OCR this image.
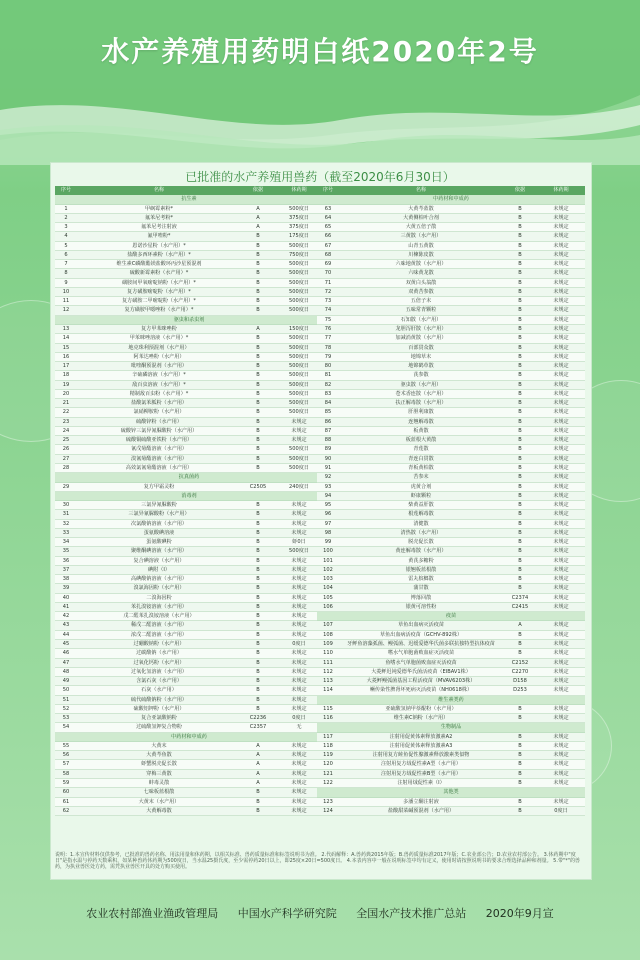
水产养殖用药明白纸2020年2号
已批准的水产养殖用兽药（截至2020年6月30日）
序号	名称	依据	休药期
抗生素
1	甲砜霉素粉*	A	500度日
2	氟苯尼考粉*	A	375度日
3	氟苯尼考注射液	A	375度日
4	氟甲喹粉*	B	175度日
5	恩诺沙星粉（水产用）*	B	500度日
6	盐酸多西环素粉（水产用）*	B	750度日
7	维生素C磷酸酯镁盐酸环丙沙星预混剂	B	500度日
8	硫酸新霉素粉（水产用）*	B	500度日
9	磺胺间甲氧嘧啶钠粉（水产用）*	B	500度日
10	复方磺胺嘧啶粉（水产用）*	B	500度日
11	复方磺胺二甲嘧啶粉（水产用）*	B	500度日
12	复方磺胺甲噁唑粉（水产用）*	B	500度日
驱虫和杀虫剂
13	复方甲苯咪唑粉	A	150度日
14	甲苯咪唑溶液（水产用）*	B	500度日
15	地克珠利预混剂（水产用）	B	500度日
16	阿苯达唑粉（水产用）	B	500度日
17	吡喹酮预混剂（水产用）	B	500度日
18	辛硫磷溶液（水产用）*	B	500度日
19	敌百虫溶液（水产用）*	B	500度日
20	精制敌百虫粉（水产用）*	B	500度日
21	盐酸氯苯胍粉（水产用）	B	500度日
22	氯硝柳胺粉（水产用）	B	500度日
23	硫酸锌粉（水产用）	B	未规定
24	硫酸锌三氯异氰脲酸粉（水产用）	B	未规定
25	硫酸铜硫酸亚铁粉（水产用）	B	未规定
26	氰戊菊酯溶液（水产用）	B	500度日
27	溴氰菊酯溶液（水产用）	B	500度日
28	高效氯氰菊酯溶液（水产用）	B	500度日
抗真菌药
29	复方甲霜灵粉	C2505	240度日
消毒剂
30	三氯异氰脲酸粉	B	未规定
31	三氯异氰脲酸粉（水产用）	B	未规定
32	次氯酸钠溶液（水产用）	B	未规定
33	蛋氨酸碘溶液	B	未规定
34	蛋氨酸碘粉	B	虾0日
35	聚维酮碘溶液（水产用）	B	500度日
36	复合碘溶液（水产用）	B	未规定
37	碘附（Ⅰ）	B	未规定
38	高碘酸钠溶液（水产用）	B	未规定
39	溴氯海因粉（水产用）	B	未规定
40	二溴海因粉	B	未规定
41	苯扎溴铵溶液（水产用）	B	未规定
42	戊二醛苯扎溴铵溶液（水产用）	B	未规定
43	稀戊二醛溶液（水产用）	B	未规定
44	浓戊二醛溶液（水产用）	B	未规定
45	过硼酸钠粉（水产用）	B	0度日
46	过碳酸钠（水产用）	B	未规定
47	过氧化钙粉（水产用）	B	未规定
48	过氧化氢溶液（水产用）	B	未规定
49	含氯石灰（水产用）	B	未规定
50	石灰（水产用）	B	未规定
51	硫代硫酸钠粉（水产用）	B	未规定
52	硫酸铝钾粉（水产用）	B	未规定
53	复合亚氯酸钠粉	C2236	0度日
54	过硫酸氢钾复合物粉	C2357	无
中药材和中成药
55	大黄末	A	未规定
56	大黄芩鱼散	A	未规定
57	虾蟹脱壳促长散	A	未规定
58	穿梅三黄散	A	未规定
59	蚌毒灵散	A	未规定
60	七味板蓝根散	B	未规定
61	大黄末（水产用）	B	未规定
62	大黄解毒散	B	未规定
序号	名称	依据	休药期
中药材和中成药
63	大黄芩蓝散	B	未规定
64	大黄侧柏叶合剂	B	未规定
65	大黄五倍子散	B	未规定
66	三黄散（水产用）	B	未规定
67	山青五黄散	B	未规定
68	川楝陈皮散	B	未规定
69	六味地黄散（水产用）	B	未规定
70	六味黄龙散	B	未规定
71	双黄白头翁散	B	未规定
72	双黄苦参散	B	未规定
73	五倍子末	B	未规定
74	五味常青颗粒	B	未规定
75	石知散（水产用）	B	未规定
76	龙胆泻肝散（水产用）	B	未规定
77	加减消黄散（水产用）	B	未规定
78	百部贯众散	B	未规定
79	地锦草末	B	未规定
80	地锦鹤草散	B	未规定
81	芪参散	B	未规定
82	驱虫散（水产用）	B	未规定
83	苍术香连散（水产用）	B	未规定
84	扶正解毒散（水产用）	B	未规定
85	肝胆利康散	B	未规定
86	连翘解毒散	B	未规定
87	板黄散	B	未规定
88	板蓝根大黄散	B	未规定
89	青莲散	B	未规定
90	青连白贯散	B	未规定
91	青板黄柏散	B	未规定
92	苦参末	B	未规定
93	虎黄合剂	B	未规定
94	虾康颗粒	B	未规定
95	柴黄益肝散	B	未规定
96	根莲解毒散	B	未规定
97	清健散	B	未规定
98	清热散（水产用）	B	未规定
99	脱壳促长散	B	未规定
100	黄连解毒散（水产用）	B	未规定
101	黄芪多糖粉	B	未规定
102	银翘板蓝根散	B	未规定
103	雷丸槟榔散	B	未规定
104	蒲甘散	B	未规定
105	博落回散	C2374	未规定
106	银黄可溶性粉	C2415	未规定
疫苗
107	草鱼出血病灭活疫苗	A	未规定
108	草鱼出血病活疫苗（GCHV-892株）	B	未规定
109	牙鲆鱼溶藻弧菌、鳗弧菌、迟缓爱德华氏菌多联抗独特型抗体疫苗	B	未规定
110	嗜水气单胞菌败血症灭活疫苗	B	未规定
111	鱼嗜水气单胞菌败血症灭活疫苗	C2152	未规定
112	大菱鲆迟钝爱德华氏菌活疫苗（EIBAV1株）	C2270	未规定
113	大菱鲆鳗弧菌基因工程活疫苗（MVAV6203株）	D158	未规定
114	鳜传染性脾肾坏死病灭活疫苗（NH0618株）	D253	未规定
维生素类药
115	亚硫酸氢钠甲萘醌粉（水产用）	B	未规定
116	维生素C钠粉（水产用）	B	未规定
生物制品
117	注射用促黄体素释放激素A2	B	未规定
118	注射用促黄体素释放激素A3	B	未规定
119	注射用复方鲑鱼促性腺激素释放激素类似物	B	未规定
120	注射用复方绒促性素A型（水产用）	B	未规定
121	注射用复方绒促性素B型（水产用）	B	未规定
122	注射用绒促性素（Ⅰ）	B	未规定
其他类
123	多潘立酮注射液	B	未规定
124	盐酸甜菜碱预混剂（水产用）	B	0度日
说明：1.本宣传材料仅供参考，已批准的兽药名称、用法用量和休药期，以相关标准、兽药质量标准和标签说明书为准。 2.代码解释：A.兽药典2015年版；B.兽药质量标准2017年版；C.农业部公告；D.农业农村部公告。 3.休药期中"度日"是指水温与停药天数乘积，如某种兽药休药期为500度日，当水温25摄氏度，至少需停药20日以上，即25度×20日=500度日。 4.本表内容中一般在说明标签中均有定义，使用时请按照说明书的要求合理选择品种和剂量。 5.带"*"的兽药，为执业兽医处方药，需凭执业兽医开具的处方购买使用。
农业农村部渔业渔政管理局 中国水产科学研究院 全国水产技术推广总站 2020年9月宣
